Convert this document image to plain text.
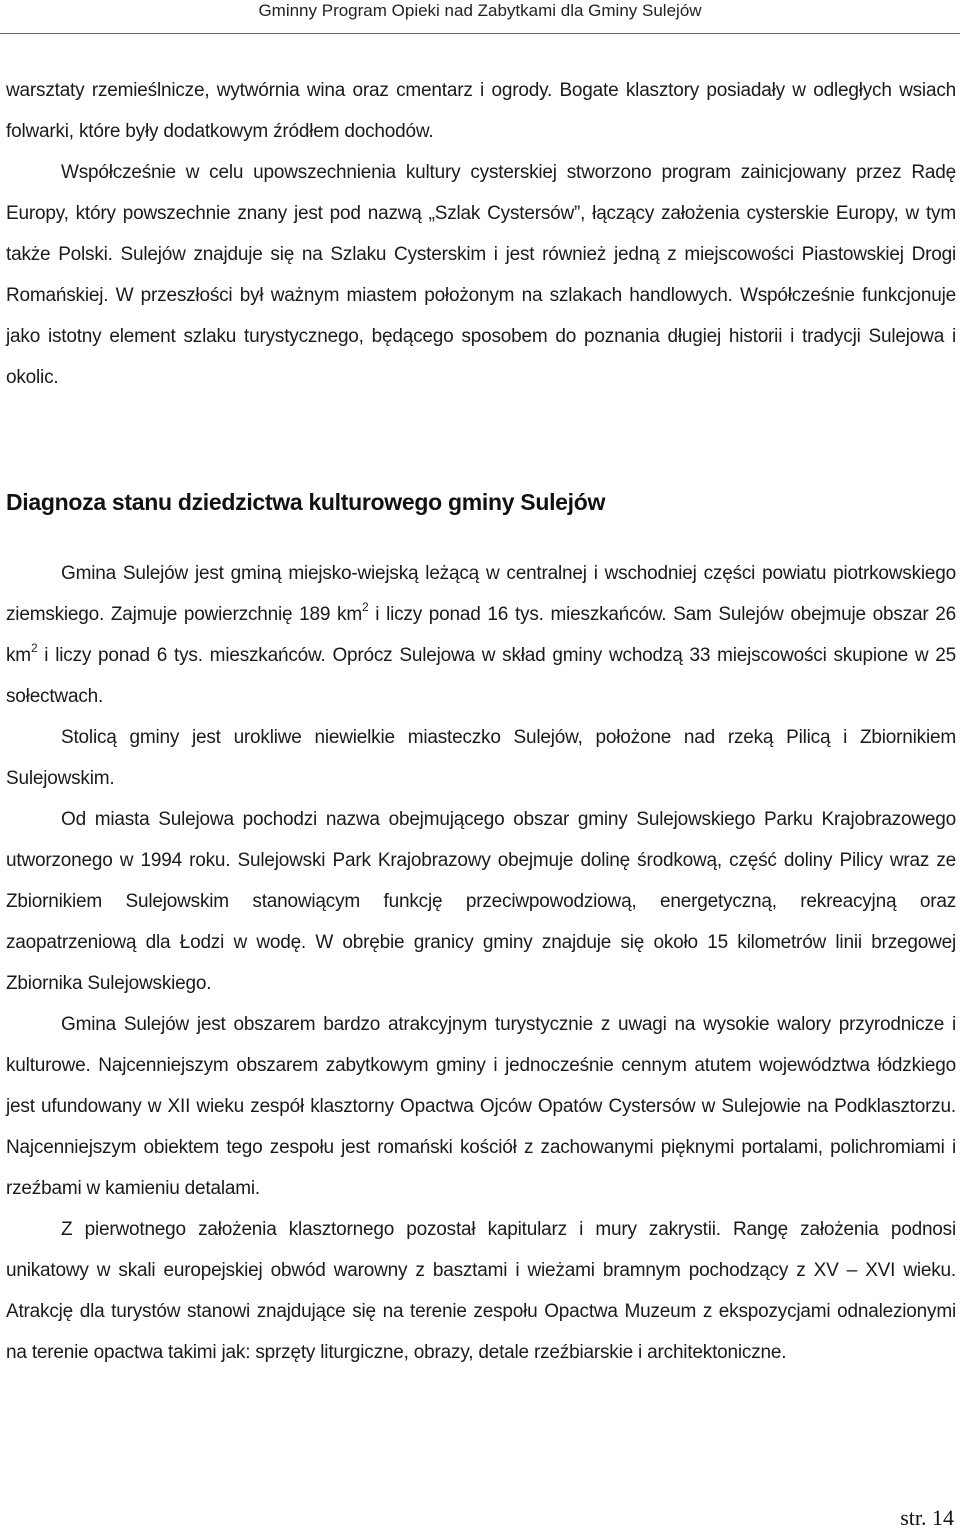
Gminny Program Opieki nad Zabytkami dla Gminy Sulejów

warsztaty rzemieślnicze, wytwórnia wina oraz cmentarz i ogrody. Bogate klasztory posiadały w odległych wsiach folwarki, które były dodatkowym źródłem dochodów.

Współcześnie w celu upowszechnienia kultury cysterskiej stworzono program zainicjowany przez Radę Europy, który powszechnie znany jest pod nazwą „Szlak Cystersów”, łączący założenia cysterskie Europy, w tym także Polski. Sulejów znajduje się na Szlaku Cysterskim i jest również jedną z miejscowości Piastowskiej Drogi Romańskiej. W przeszłości był ważnym miastem położonym na szlakach handlowych. Współcześnie funkcjonuje jako istotny element szlaku turystycznego, będącego sposobem do poznania długiej historii i tradycji Sulejowa i okolic.

Diagnoza stanu dziedzictwa kulturowego gminy Sulejów

Gmina Sulejów jest gminą miejsko-wiejską leżącą w centralnej i wschodniej części powiatu piotrkowskiego ziemskiego. Zajmuje powierzchnię 189 $km^2$ i liczy ponad 16 tys. mieszkańców. Sam Sulejów obejmuje obszar 26 $km^2$ i liczy ponad 6 tys. mieszkańców. Oprócz Sulejowa w skład gminy wchodzą 33 miejscowości skupione w 25 sołectwach.

Stolicą gminy jest urokliwe niewielkie miasteczko Sulejów, położone nad rzeką Pilicą i Zbiornikiem Sulejowskim.

Od miasta Sulejowa pochodzi nazwa obejmującego obszar gminy Sulejowskiego Parku Krajobrazowego utworzonego w 1994 roku. Sulejowski Park Krajobrazowy obejmuje dolinę środkową, część doliny Pilicy wraz ze Zbiornikiem Sulejowskim stanowiącym funkcję przeciwpowodziową, energetyczną, rekreacyjną oraz zaopatrzeniową dla Łodzi w wodę. W obrębie granicy gminy znajduje się około 15 kilometrów linii brzegowej Zbiornika Sulejowskiego.

Gmina Sulejów jest obszarem bardzo atrakcyjnym turystycznie z uwagi na wysokie walory przyrodnicze i kulturowe. Najcenniejszym obszarem zabytkowym gminy i jednocześnie cennym atutem województwa łódzkiego jest ufundowany w XII wieku zespół klasztorny Opactwa Ojców Opatów Cystersów w Sulejowie na Podklasztorzu. Najcenniejszym obiektem tego zespołu jest romański kościół z zachowanymi pięknymi portalami, polichromiami i rzeźbami w kamieniu detalami.

Z pierwotnego założenia klasztornego pozostał kapitularz i mury zakrystii. Rangę założenia podnosi unikatowy w skali europejskiej obwód warowny z basztami i wieżami bramnym pochodzący z XV – XVI wieku. Atrakcję dla turystów stanowi znajdujące się na terenie zespołu Opactwa Muzeum z ekspozycjami odnalezionymi na terenie opactwa takimi jak: sprzęty liturgiczne, obrazy, detale rzeźbiarskie i architektoniczne.

str. 14
